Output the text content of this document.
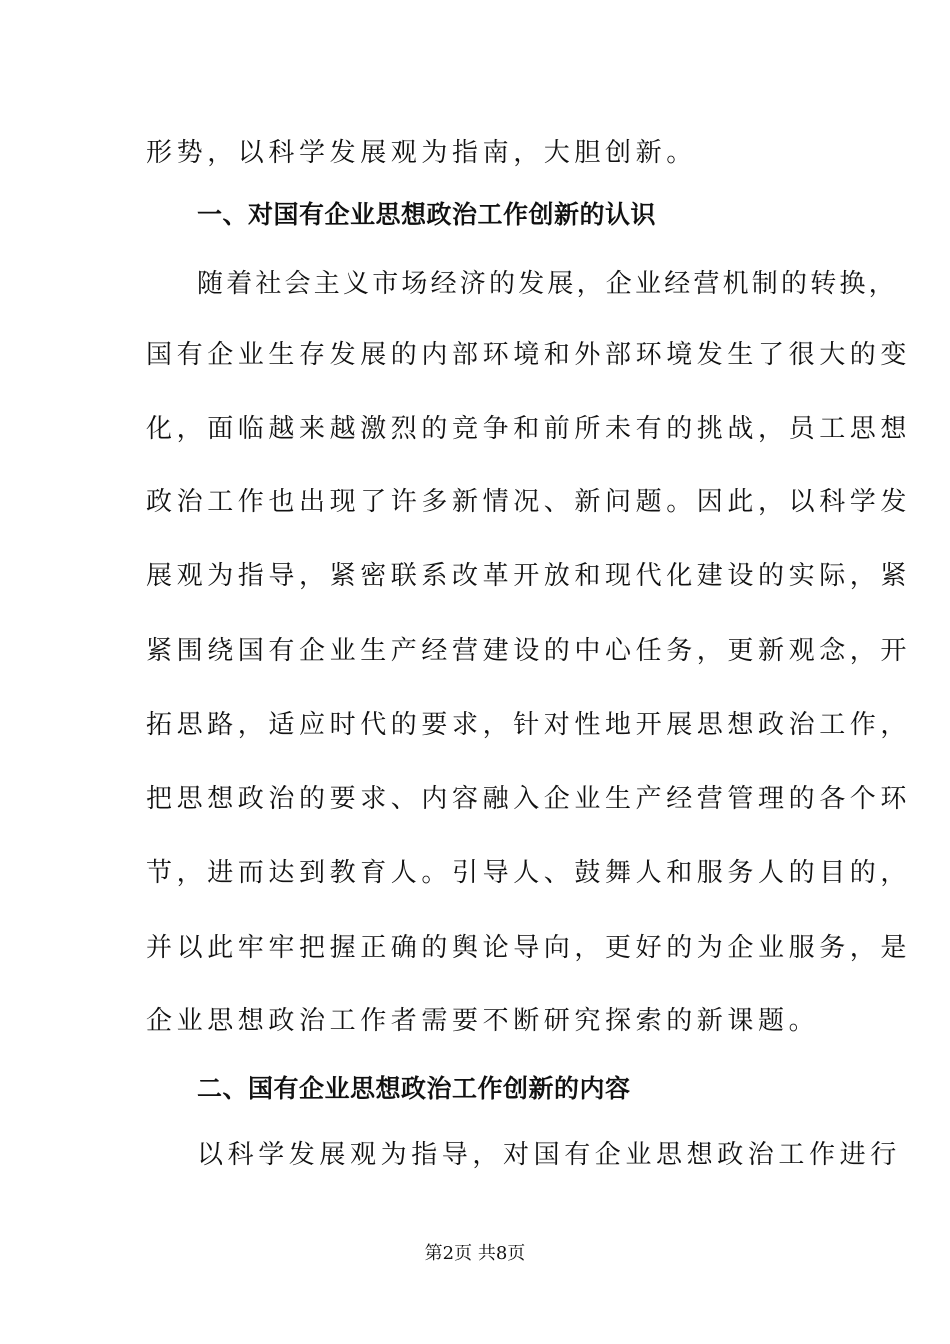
形势，以科学发展观为指南，大胆创新。
一、对国有企业思想政治工作创新的认识
随着社会主义市场经济的发展，企业经营机制的转换，
国有企业生存发展的内部环境和外部环境发生了很大的变
化，面临越来越激烈的竞争和前所未有的挑战，员工思想
政治工作也出现了许多新情况、新问题。因此，以科学发
展观为指导，紧密联系改革开放和现代化建设的实际，紧
紧围绕国有企业生产经营建设的中心任务，更新观念，开
拓思路，适应时代的要求，针对性地开展思想政治工作，
把思想政治的要求、内容融入企业生产经营管理的各个环
节，进而达到教育人。引导人、鼓舞人和服务人的目的，
并以此牢牢把握正确的舆论导向，更好的为企业服务，是
企业思想政治工作者需要不断研究探索的新课题。
二、国有企业思想政治工作创新的内容
以科学发展观为指导，对国有企业思想政治工作进行
第2页 共8页
